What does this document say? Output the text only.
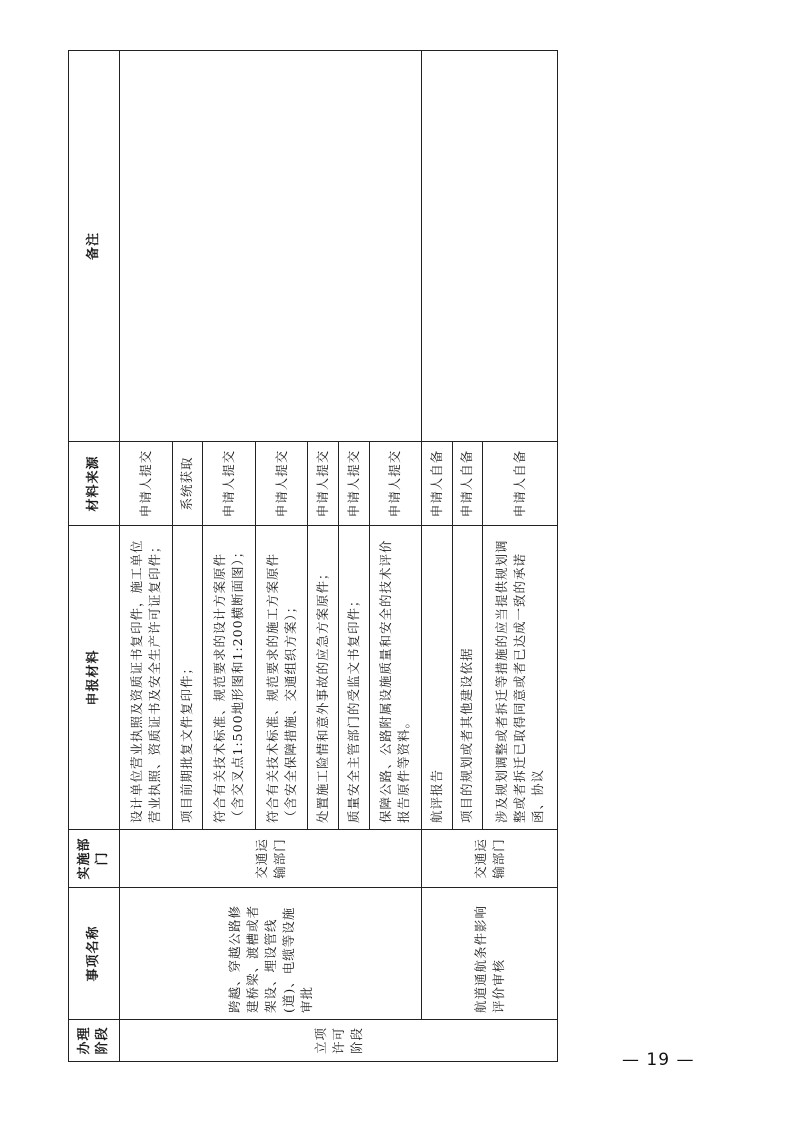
办理阶段	事项名称	实施部门	申报材料	材料来源	备注
立项许可阶段	跨越、穿越公路修建桥梁、渡槽或者架设、埋设管线(道)、电缆等设施审批	交通运输部门	设计单位营业执照及资质证书复印件，施工单位营业执照、资质证书及安全生产许可证复印件；	申请人提交	
			项目前期批复文件复印件；	系统获取	
			符合有关技术标准、规范要求的设计方案原件（含交叉点1:500地形图和1:200横断面图）；	申请人提交	
			符合有关技术标准、规范要求的施工方案原件（含安全保障措施、交通组织方案）；	申请人提交	
			处置施工险情和意外事故的应急方案原件；	申请人提交	
			质量安全主管部门的受监文书复印件；	申请人提交	
			保障公路、公路附属设施质量和安全的技术评价报告原件等资料。	申请人提交	
	航道通航条件影响评价审核	交通运输部门	航评报告	申请人自备	
			项目的规划或者其他建设依据	申请人自备	
			涉及规划调整或者拆迁等措施的应当提供规划调整或者拆迁已取得同意或者已达成一致的承诺函、协议	申请人自备	
— 19 —
